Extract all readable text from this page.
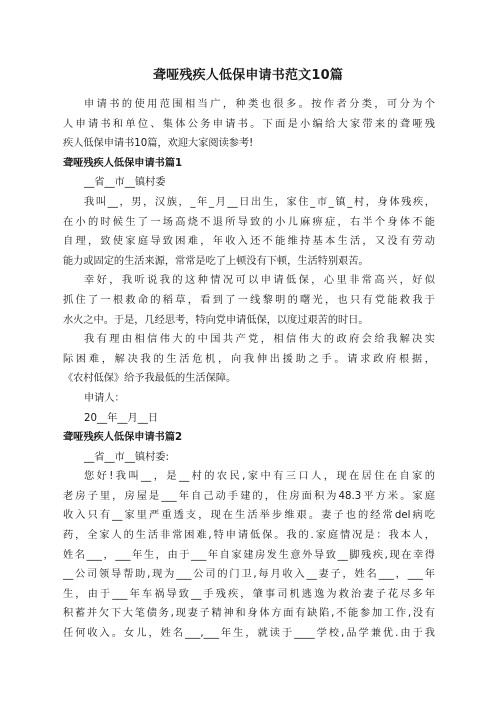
聋哑残疾人低保申请书范文10篇
申请书的使用范围相当广，种类也很多。按作者分类，可分为个
人申请书和单位、集体公务申请书。下面是小编给大家带来的聋哑残
疾人低保申请书10篇，欢迎大家阅读参考!
聋哑残疾人低保申请书篇1
__省__市__镇村委
我叫__，男，汉族，_年_月__日出生，家住_市_镇_村，身体残疾，
在小的时候生了一场高烧不退所导致的小儿麻痹症，右半个身体不能
自理，致使家庭导致困难，年收入还不能维持基本生活，又没有劳动
能力或固定的生活来源，常常是吃了上顿没有下顿，生活特别艰苦。
幸好，我听说我的这种情况可以申请低保，心里非常高兴，好似
抓住了一根救命的稻草，看到了一线黎明的曙光，也只有党能救我于
水火之中。于是，几经思考，特向党申请低保，以度过艰苦的时日。
我有理由相信伟大的中国共产党，相信伟大的政府会给我解决实
际困难，解决我的生活危机，向我伸出援助之手。请求政府根据，
《农村低保》给予我最低的生活保障。
申请人：
20__年__月__日
聋哑残疾人低保申请书篇2
__省__市__镇村委:
您好!我叫__，是__村的农民,家中有三口人，现在居住在自家的
老房子里，房屋是___年自己动手建的，住房面积为48.3平方米。家庭
收入只有__家里严重透支，现在生活举步维艰。妻子也的经常del病吃
药，全家人的生活非常困难,特申请低保。我的.家庭情况是：我本人，
姓名___，___年生，由于___年自家建房发生意外导致__脚残疾,现在幸得
__公司领导帮助,现为___公司的门卫,每月收入__妻子，姓名___，___年
生，由于___年车祸导致__手残疾，肇事司机逃逸为救治妻子花尽多年
积蓄并欠下大笔债务,现妻子精神和身体方面有缺陷,不能参加工作,没有
任何收入。女儿，姓名___,___年生，就读于____学校,品学兼优.由于我
